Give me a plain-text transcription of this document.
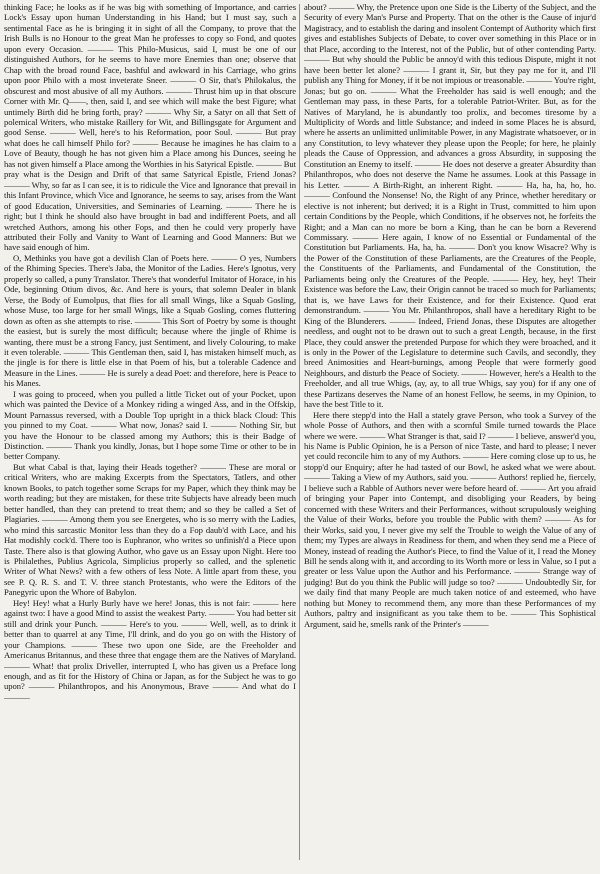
thinking Face; he looks as if he was big with something of Importance, and carries Lock's Essay upon human Understanding in his Hand; but I must say, such a sentimental Face as he is bringing it in sight of all the Company, to prove that the Irish Bulls is no Honour to the great Man he professes to copy so Fond, and quotes upon every Occasion. ——— This Philo-Musicus, said I, must be one of our distinguished Authors, for he seems to have more Enemies than one; observe that Chap with the broad round Face, bashful and awkward in his Carriage, who grins upon poor Philo with a most inveterate Sneer. ——— O Sir, that's Philokalus, the obscurest and most abusive of all my Authors. ——— Thrust him up in that obscure Corner with Mr. Q——, then, said I, and see which will make the best Figure; what untimely Birth did he bring forth, pray? ——— Why Sir, a Satyr on all that Sett of polemical Writers, who mistake Raillery for Wit, and Billingsgate for Argument and good Sense. ——— Well, here's to his Reformation, poor Soul. ——— But pray what does he call himself Philo for? ——— Because he imagines he has claim to a Love of Beauty, though he has not given him a Place among his Dunces, seeing he has not given himself a Place among the Worthies in his Satyrical Epistle. ——— But pray what is the Design and Drift of that same Satyrical Epistle, Friend Jonas? ——— Why, so far as I can see, it is to ridicule the Vice and Ignorance that prevail in this Infant Province, which Vice and Ignorance, he seems to say, arises from the Want of good Education, Universities, and Seminaries of Learning. ——— There he is right; but I think he should also have brought in bad and indifferent Poets, and all wretched Authors, among his other Fops, and then he could very properly have attributed their Folly and Vanity to Want of Learning and Good Manners: But we have said enough of him.

O, Methinks you have got a devilish Clan of Poets here. ——— O yes, Numbers of the Rhiming Species. There's Jaba, the Monitor of the Ladies. Here's Ignotus, very properly so called, a puny Translator. There's that wonderful Imitator of Horace, in his Ode, beginning Otium divos, &c. And here is yours, that solemn Dealer in blank Verse, the Body of Eumolpus, that flies for all small Wings, like a Squab Gosling, whose Muse, too large for her small Wings, like a Squab Gosling, comes fluttering down as often as she attempts to rise. ——— This Sort of Poetry by some is thought the easiest, but is surely the most difficult; because where the jingle of Rhime is wanting, there must be a strong Fancy, just Sentiment, and lively Colouring, to make it even tolerable. ——— This Gentleman then, said I, has mistaken himself much, as the jingle is for there is little else in that Poem of his, but a tolerable Cadence and Measure in the Lines. ——— He is surely a dead Poet: and therefore, here is Peace to his Manes.

I was going to proceed, when you pulled a little Ticket out of your Pocket, upon which was painted the Device of a Monkey riding a winged Ass, and in the Offskip, Mount Parnassus reversed, with a Double Top upright in a thick black Cloud: This you pinned to my Coat. ——— What now, Jonas? said I. ——— Nothing Sir, but you have the Honour to be classed among my Authors; this is their Badge of Distinction. ——— Thank you kindly, Jonas, but I hope some Time or other to be in better Company.

But what Cabal is that, laying their Heads together? ——— These are moral or critical Writers, who are making Excerpts from the Spectators, Tatlers, and other known Books, to patch together some Scraps for my Paper, which they think may be worth reading; but they are mistaken, for these trite Subjects have already been much better handled, than they can pretend to treat them; and so they be called a Set of Plagiaries. ——— Among them you see Energetes, who is so merry with the Ladies, who mind this sarcastic Monitor less than they do a Fop daub'd with Lace, and his Hat modishly cock'd. There too is Euphranor, who writes so unfinish'd a Piece upon Taste. There also is that glowing Author, who gave us an Essay upon Night. Here too is Philalethes, Publius Agricola, Simplicius properly so called, and the splenetic Writer of What News? with a few others of less Note. A little apart from these, you see P. Q. R. S. and T. V. three stanch Protestants, who were the Editors of the Panegyric upon the Whore of Babylon.

Hey! Hey! what a Hurly Burly have we here! Jonas, this is not fair: ——— here against two: I have a good Mind to assist the weakest Party. ——— You had better sit still and drink your Punch. ——— Here's to you. ——— Well, well, as to drink it better than to quarrel at any Time, I'll drink, and do you go on with the History of your Champions. ——— These two upon one Side, are the Freeholder and Americanus Britannus, and these three that engage them are the Natives of Maryland. ——— What! that prolix Driveller, interrupted I, who has given us a Preface long enough, and as fit for the History of China or Japan, as for the Subject he was to go upon? ——— Philanthropos, and his Anonymous, Brave ——— And what do I ———

about? ——— Why, the Pretence upon one Side is the Liberty of the Subject, and the Security of every Man's Purse and Property. That on the other is the Cause of injur'd Magistracy, and to establish the daring and insolent Contempt of Authority which first gives and establishes Subjects of Debate, to cover over something in this Place or in that Place, according to the Interest, not of the Public, but of other contending Party. ——— But why should the Public be annoy'd with this tedious Dispute, might it not have been better let alone? ——— I grant it, Sir, but they pay me for it, and I'll publish any Thing for Money, if it be not impious or treasonable. ——— You're right, Jonas; but go on. ——— What the Freeholder has said is well enough; and the Gentleman may pass, in these Parts, for a tolerable Patriot-Writer. But, as for the Natives of Maryland, he is abundantly too prolix, and becomes tiresome by a Multiplicity of Words and little Substance; and indeed in some Places he is absurd, where he asserts an unlimitted unlimitable Power, in any Magistrate whatsoever, or in any Constitution, to levy whatever they please upon the People; for here, he plainly pleads the Cause of Oppression, and advances a gross Absurdity, in supposing the Constitution an Enemy to itself. ——— He does not deserve a greater Absurdity than Philanthropos, who does not deserve the Name he assumes. Look at this Passage in his Letter. ——— A Birth-Right, an inherent Right. ——— Ha, ha, ha, ho, ho. ——— Confound the Nonsense! No, the Right of any Prince, whether hereditary or elective is not inherent; but derived; it is a Right in Trust, committed to him upon certain Conditions by the People, which Conditions, if he observes not, he forfeits the Right; and a Man can no more be born a King, than he can be born a Reverend Commissary. ——— Here again, I know of no Essential or Fundamental of the Constitution but Parliaments. Ha, ha, ha. ——— Don't you know Wisacre? Why is the Power of the Constitution of these Parliaments, are the Creatures of the People, the Constituents of the Parliaments, and Fundamental of the Constitution, the Parliaments being only the Creatures of the People. ——— Hey, hey, hey! Their Existence was before the Law, their Origin cannot be traced so much for Parliaments; that is, we have Laws for their Existence, and for their Existence. Quod erat demonstrandum. ——— You Mr. Philanthropos, shall have a hereditary Right to be King of the Blunderers. ——— Indeed, Friend Jonas, these Disputes are altogether needless, and ought not to be drawn out to such a great Length, because, in the first Place, they could answer the pretended Purpose for which they were broached, and it is only in the Power of the Legislature to determine such Cavils, and secondly, they breed Animosities and Heart-burnings, among People that were formerly good Neighbours, and disturb the Peace of Society. ——— However, here's a Health to the Freeholder, and all true Whigs, (ay, ay, to all true Whigs, say you) for if any one of these Partizans deserves the Name of an honest Fellow, he seems, in my Opinion, to have the best Title to it.

Here there stepp'd into the Hall a stately grave Person, who took a Survey of the whole Posse of Authors, and then with a scornful Smile turned towards the Place where we were. ——— What Stranger is that, said I? ——— I believe, answer'd you, his Name is Public Opinion, he is a Person of nice Taste, and hard to please; I never yet could reconcile him to any of my Authors. ——— Here coming close up to us, he stopp'd our Enquiry; after he had tasted of our Bowl, he asked what we were about. ——— Taking a View of my Authors, said you. ——— Authors! replied he, fiercely, I believe such a Rabble of Authors never were before heard of. ——— Art you afraid of bringing your Paper into Contempt, and disobliging your Readers, by being concerned with these Writers and their Performances, without scrupulously weighing the Value of their Works, before you trouble the Public with them? ——— As for their Works, said you, I never give my self the Trouble to weigh the Value of any of them; my Types are always in Readiness for them, and when they send me a Piece of Money, instead of reading the Author's Piece, to find the Value of it, I read the Money Bill he sends along with it, and according to its Worth more or less in Value, so I put a greater or less Value upon the Author and his Performance. ——— Strange way of judging! But do you think the Public will judge so too? ——— Undoubtedly Sir, for we daily find that many People are much taken notice of and esteemed, who have nothing but Money to recommend them, any more than these Performances of my Authors, paltry and insignificant as you take them to be. ——— This Sophistical Argument, said he, smells rank of the Printer's ———
